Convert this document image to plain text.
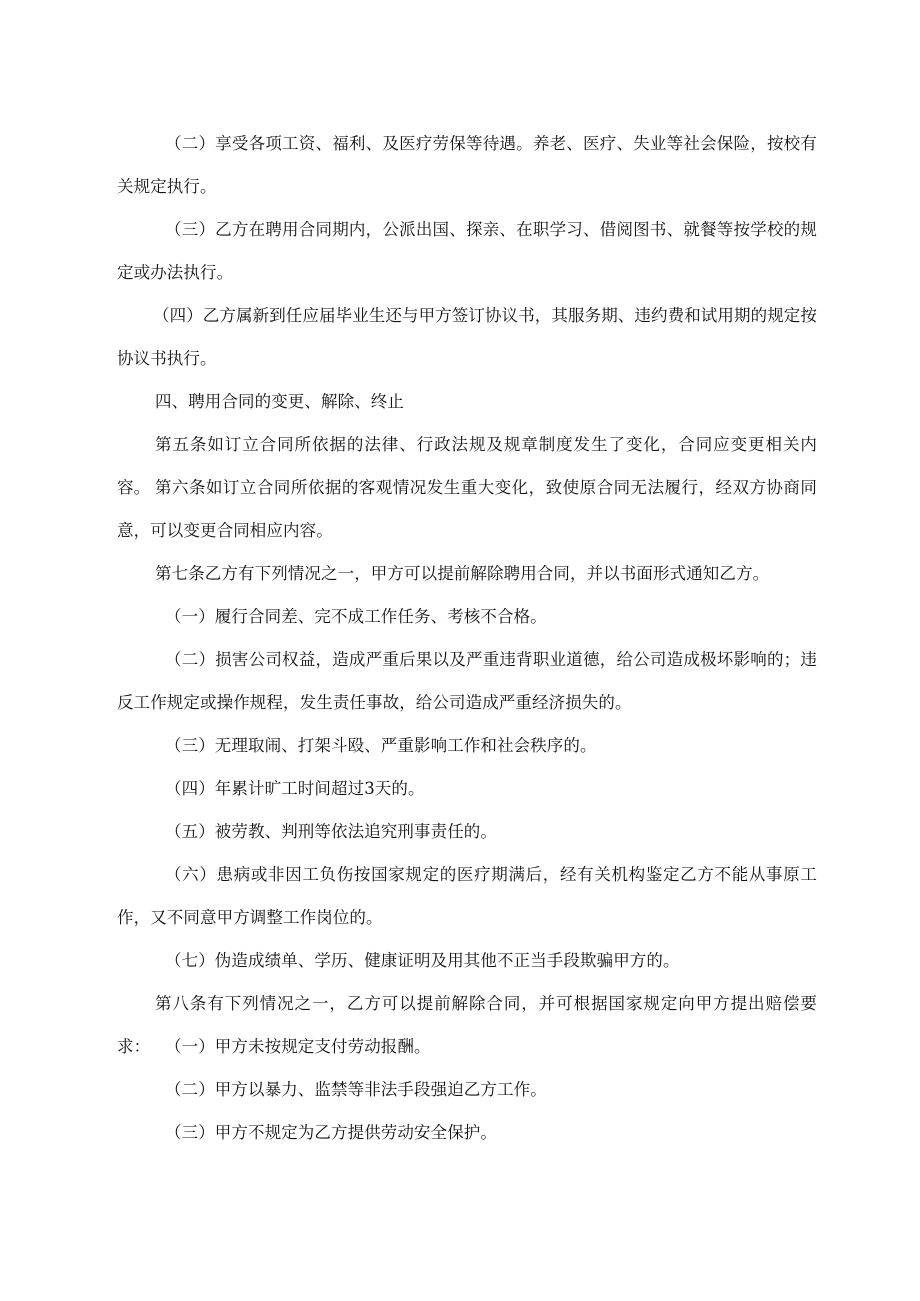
（二）享受各项工资、福利、及医疗劳保等待遇。养老、医疗、失业等社会保险，按校有关规定执行。

（三）乙方在聘用合同期内，公派出国、探亲、在职学习、借阅图书、就餐等按学校的规定或办法执行。

（四）乙方属新到任应届毕业生还与甲方签订协议书，其服务期、违约费和试用期的规定按协议书执行。

四、聘用合同的变更、解除、终止

第五条如订立合同所依据的法律、行政法规及规章制度发生了变化，合同应变更相关内容。 第六条如订立合同所依据的客观情况发生重大变化，致使原合同无法履行，经双方协商同意，可以变更合同相应内容。

第七条乙方有下列情况之一，甲方可以提前解除聘用合同，并以书面形式通知乙方。

（一）履行合同差、完不成工作任务、考核不合格。

（二）损害公司权益，造成严重后果以及严重违背职业道德，给公司造成极坏影响的；违反工作规定或操作规程，发生责任事故，给公司造成严重经济损失的。

（三）无理取闹、打架斗殴、严重影响工作和社会秩序的。

（四）年累计旷工时间超过3天的。

（五）被劳教、判刑等依法追究刑事责任的。

（六）患病或非因工负伤按国家规定的医疗期满后，经有关机构鉴定乙方不能从事原工作，又不同意甲方调整工作岗位的。

（七）伪造成绩单、学历、健康证明及用其他不正当手段欺骗甲方的。

第八条有下列情况之一，乙方可以提前解除合同，并可根据国家规定向甲方提出赔偿要求： （一）甲方未按规定支付劳动报酬。

（二）甲方以暴力、监禁等非法手段强迫乙方工作。

（三）甲方不规定为乙方提供劳动安全保护。
